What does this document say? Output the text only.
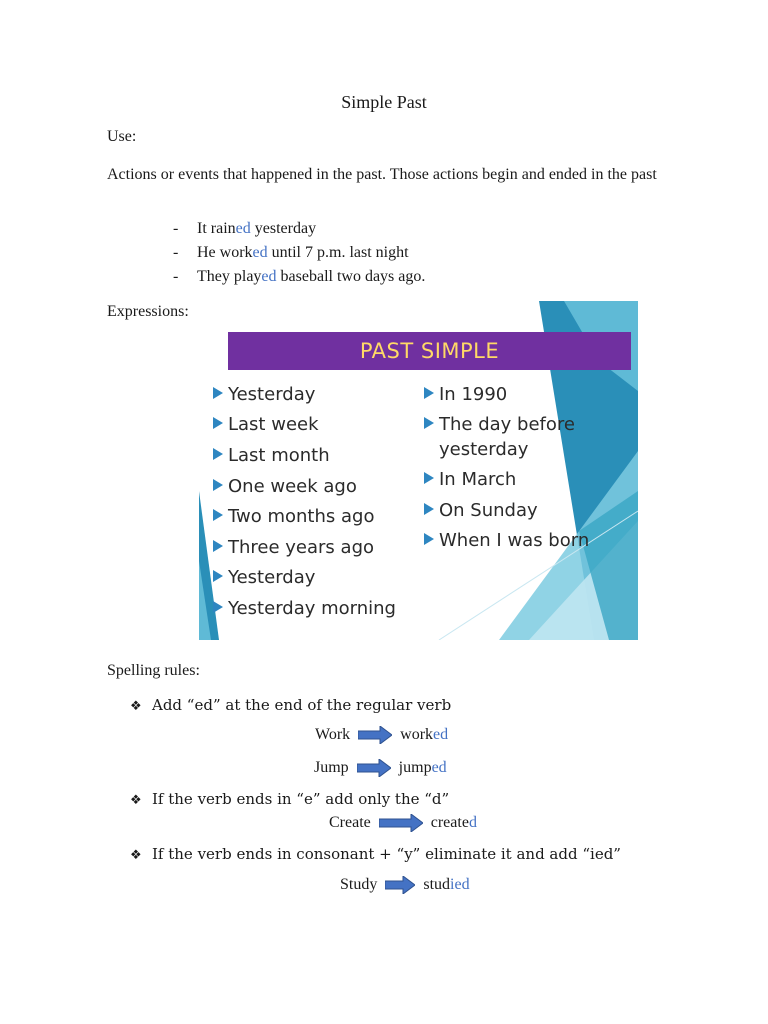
Simple Past
Use:
Actions or events that happened in the past. Those actions begin and ended in the past
- It rained yesterday
- He worked until 7 p.m. last night
- They played baseball two days ago.
Expressions:
PAST SIMPLE
Yesterday
Last week
Last month
One week ago
Two months ago
Three years ago
Yesterday
Yesterday morning
In 1990
The day before
yesterday
In March
On Sunday
When I was born
Spelling rules:
❖ Add “ed” at the end of the regular verb
Work	worked
Jump	jumped
❖ If the verb ends in “e” add only the “d”
Create	created
❖ If the verb ends in consonant + “y” eliminate it and add “ied”
Study	studied
